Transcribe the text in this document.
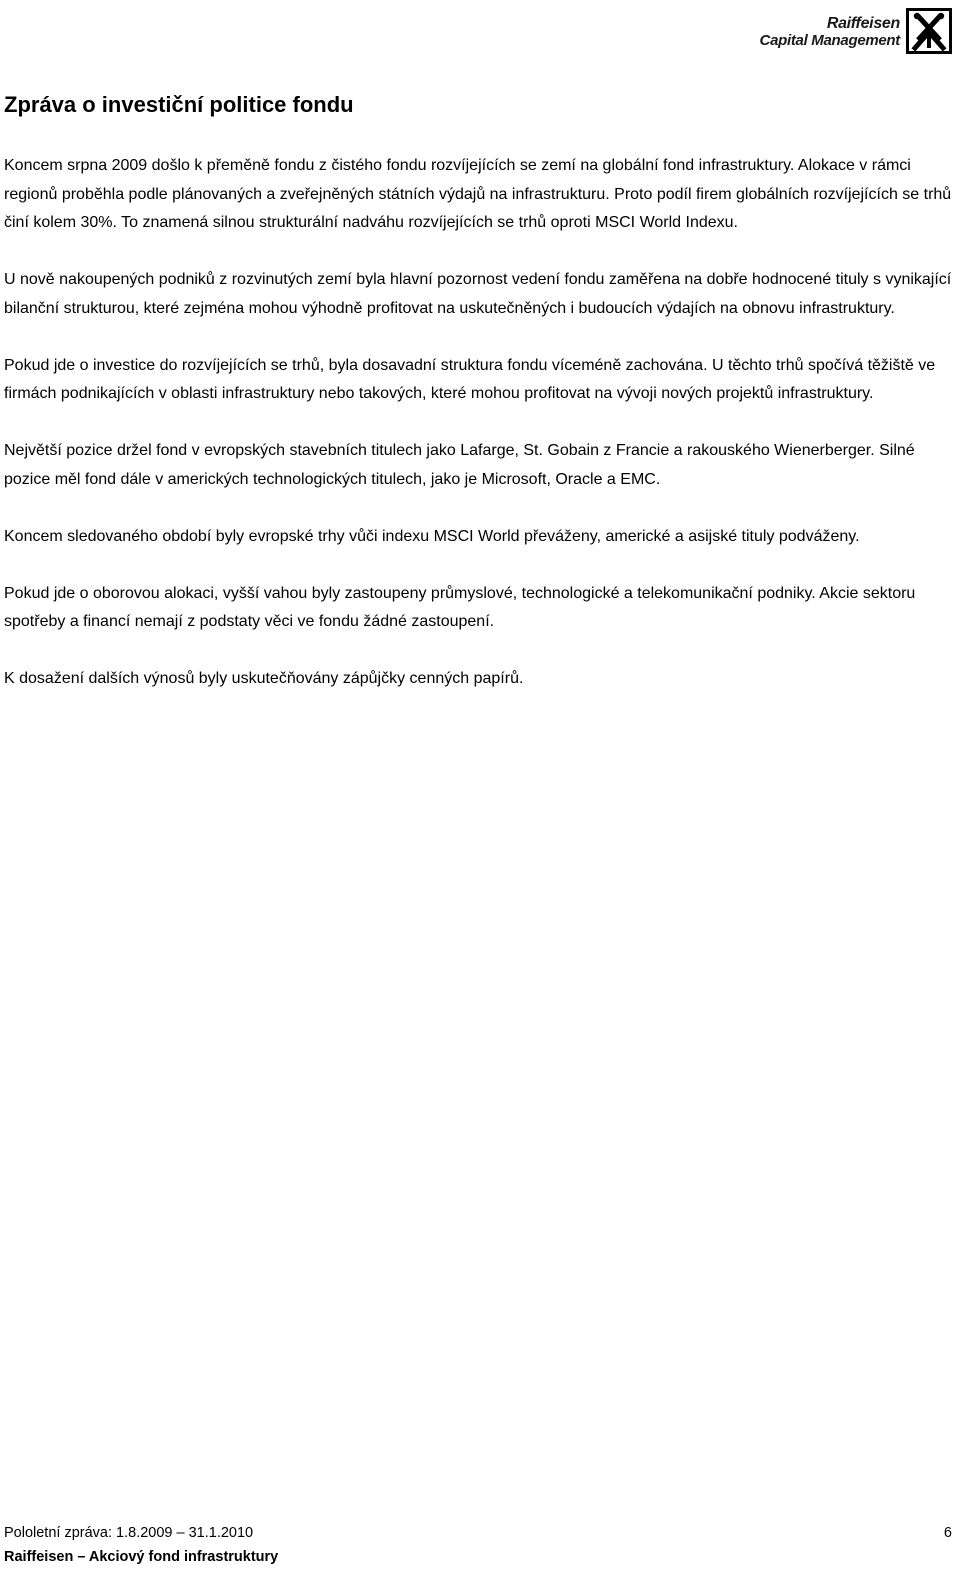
Raiffeisen
Capital Management
Zpráva o investiční politice fondu

Koncem srpna 2009 došlo k přeměně fondu z čistého fondu rozvíjejících se zemí na globální fond infrastruktury. Alokace v rámci regionů proběhla podle plánovaných a zveřejněných státních výdajů na infrastrukturu. Proto podíl firem globálních rozvíjejících se trhů činí kolem 30%. To znamená silnou strukturální nadváhu rozvíjejících se trhů oproti MSCI World Indexu.

U nově nakoupených podniků z rozvinutých zemí byla hlavní pozornost vedení fondu zaměřena na dobře hodnocené tituly s vynikající bilanční strukturou, které zejména mohou výhodně profitovat na uskutečněných i budoucích výdajích na obnovu infrastruktury.

Pokud jde o investice do rozvíjejících se trhů, byla dosavadní struktura fondu víceméně zachována. U těchto trhů spočívá těžiště ve firmách podnikajících v oblasti infrastruktury nebo takových, které mohou profitovat na vývoji nových projektů infrastruktury.

Největší pozice držel fond v evropských stavebních titulech jako Lafarge, St. Gobain z Francie a rakouského Wienerberger. Silné pozice měl fond dále v amerických technologických titulech, jako je Microsoft, Oracle a EMC.

Koncem sledovaného období byly evropské trhy vůči indexu MSCI World převáženy, americké a asijské tituly podváženy.

Pokud jde o oborovou alokaci, vyšší vahou byly zastoupeny průmyslové, technologické a telekomunikační podniky. Akcie sektoru spotřeby a financí nemají z podstaty věci ve fondu žádné zastoupení.

K dosažení dalších výnosů byly uskutečňovány zápůjčky cenných papírů.

Pololetní zpráva: 1.8.2009 – 31.1.2010	6
Raiffeisen – Akciový fond infrastruktury
